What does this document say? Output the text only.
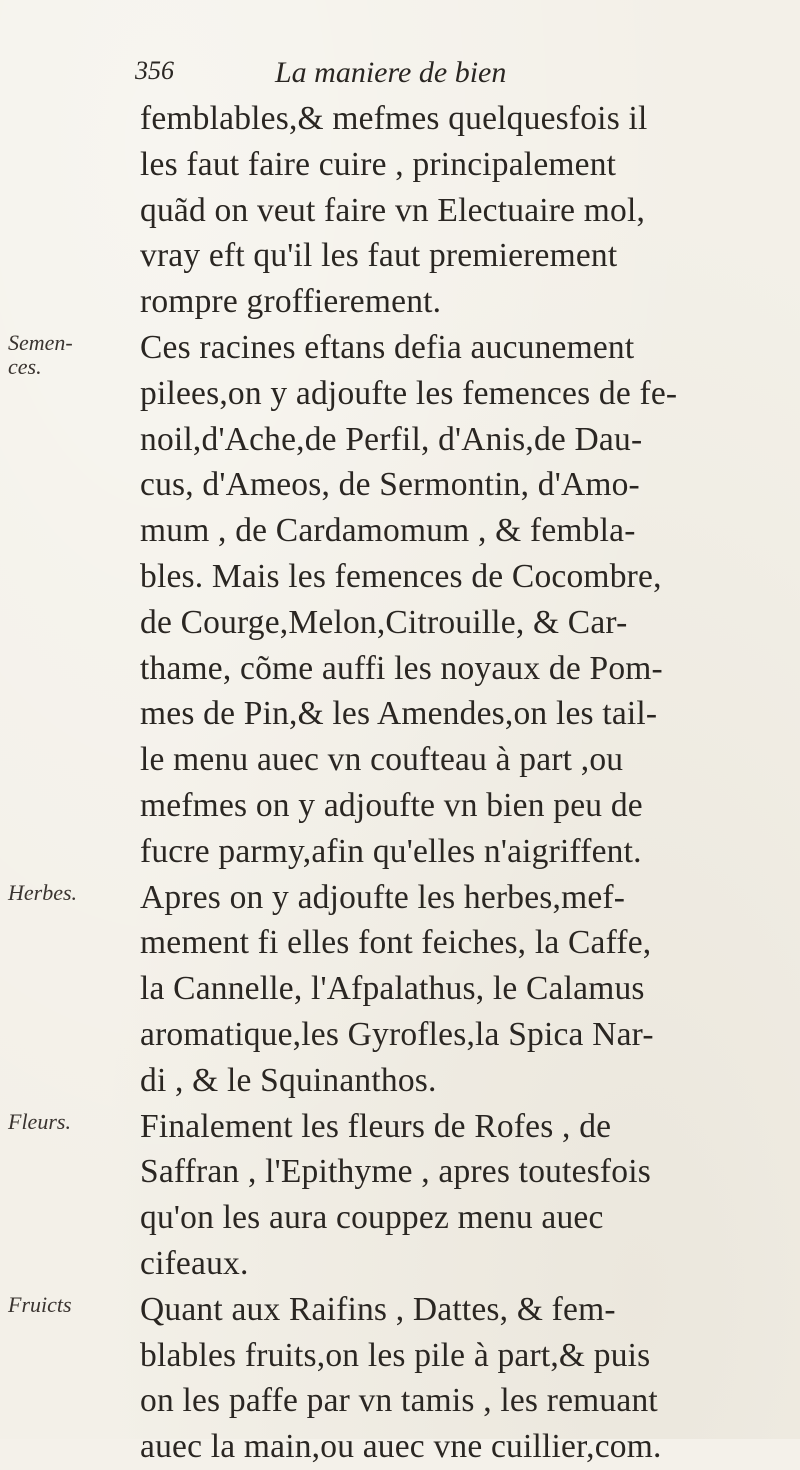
356	La maniere de bien
femblables,& mefmes quelquesfois il
les faut faire cuire , principalement
quãd on veut faire vn Electuaire mol,
vray eft qu'il les faut premierement
rompre groffierement.
Ces racines eftans defia aucunement
pilees,on y adjoufte les femences de fe-
noil,d'Ache,de Perfil, d'Anis,de Dau-
cus, d'Ameos, de Sermontin, d'Amo-
mum , de Cardamomum , & fembla-
bles. Mais les femences de Cocombre,
de Courge,Melon,Citrouille, & Car-
thame, cõme auffi les noyaux de Pom-
mes de Pin,& les Amendes,on les tail-
le menu auec vn coufteau à part ,ou
mefmes on y adjoufte vn bien peu de
fucre parmy,afin qu'elles n'aigriffent.
Apres on y adjoufte les herbes,mef-
mement fi elles font feiches, la Caffe,
la Cannelle, l'Afpalathus, le Calamus
aromatique,les Gyrofles,la Spica Nar-
di , & le Squinanthos.
Finalement les fleurs de Rofes , de
Saffran , l'Epithyme , apres toutesfois
qu'on les aura couppez menu auec
cifeaux.
Quant aux Raifins , Dattes, & fem-
blables fruits,on les pile à part,& puis
on les paffe par vn tamis , les remuant
auec la main,ou auec vne cuillier,com.
Semen-
ces.
Herbes.
Fleurs.
Fruicts
